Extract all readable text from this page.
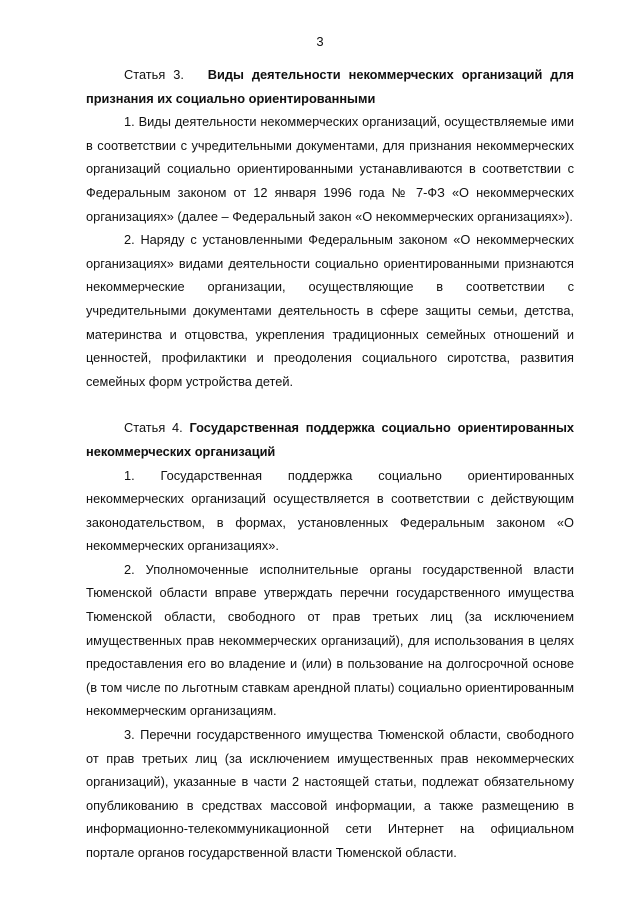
3

Статья 3. Виды деятельности некоммерческих организаций для признания их социально ориентированными

1. Виды деятельности некоммерческих организаций, осуществляемые ими в соответствии с учредительными документами, для признания некоммерческих организаций социально ориентированными устанавливаются в соответствии с Федеральным законом от 12 января 1996 года № 7-ФЗ «О некоммерческих организациях» (далее – Федеральный закон «О некоммерческих организациях»).

2. Наряду с установленными Федеральным законом «О некоммерческих организациях» видами деятельности социально ориентированными признаются некоммерческие организации, осуществляющие в соответствии с учредительными документами деятельность в сфере защиты семьи, детства, материнства и отцовства, укрепления традиционных семейных отношений и ценностей, профилактики и преодоления социального сиротства, развития семейных форм устройства детей.

Статья 4. Государственная поддержка социально ориентированных некоммерческих организаций

1. Государственная поддержка социально ориентированных некоммерческих организаций осуществляется в соответствии с действующим законодательством, в формах, установленных Федеральным законом «О некоммерческих организациях».

2. Уполномоченные исполнительные органы государственной власти Тюменской области вправе утверждать перечни государственного имущества Тюменской области, свободного от прав третьих лиц (за исключением имущественных прав некоммерческих организаций), для использования в целях предоставления его во владение и (или) в пользование на долгосрочной основе (в том числе по льготным ставкам арендной платы) социально ориентированным некоммерческим организациям.

3. Перечни государственного имущества Тюменской области, свободного от прав третьих лиц (за исключением имущественных прав некоммерческих организаций), указанные в части 2 настоящей статьи, подлежат обязательному опубликованию в средствах массовой информации, а также размещению в информационно-телекоммуникационной сети Интернет на официальном портале органов государственной власти Тюменской области.
